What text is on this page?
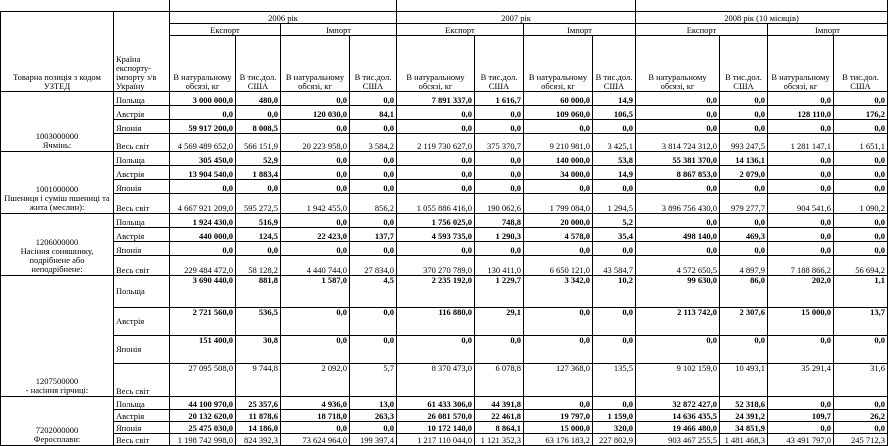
Товарна позиція з кодом УЗТЕД	Країна експорту-імпорту з/в Україну	2006 рік				2007 рік				2008 рік (10 місяців)			
		Експорт		Імпорт		Експорт		Імпорт		Експорт		Імпорт	
		В натуральному обсязі, кг	В тис.дол. США	В натуральному обсязі, кг	В тис.дол. США	В натуральному обсязі, кг	В тис.дол. США	В натуральному обсязі, кг	В тис.дол. США	В натуральному обсязі, кг	В тис.дол. США	В натуральному обсязі, кг	В тис.дол. США

1003000000
Ячмінь:	Польща	3 000 000,0	480,0	0,0	0,0	7 891 337,0	1 616,7	60 000,0	14,9	0,0	0,0	0,0	0,0
	Австрія	0,0	0,0	120 030,0	84,1	0,0	0,0	109 060,0	106,5	0,0	0,0	128 110,0	176,2
	Японія	59 917 200,0	8 008,5	0,0	0,0	0,0	0,0	0,0	0,0	0,0	0,0	0,0	0,0
	Весь світ	4 569 489 652,0	566 151,9	20 223 958,0	3 584,2	2 119 730 627,0	375 370,7	9 210 981,0	3 425,1	3 814 724 312,0	993 247,5	1 281 147,1	1 651,1

1001000000
Пшениця і суміш пшениці та жита (меслин):	Польща	305 450,0	52,9	0,0	0,0	0,0	0,0	140 000,0	53,8	55 381 370,0	14 136,1	0,0	0,0
	Австрія	13 904 540,0	1 883,4	0,0	0,0	0,0	0,0	34 000,0	14,9	8 867 853,0	2 079,0	0,0	0,0
	Японія	0,0	0,0	0,0	0,0	0,0	0,0	0,0	0,0	0,0	0,0	0,0	0,0
	Весь світ	4 667 921 209,0	595 272,5	1 942 455,0	856,2	1 055 886 416,0	190 062,6	1 799 084,0	1 294,5	3 896 756 430,0	979 277,7	904 541,6	1 090,2

1206000000
Насіння соняшнику, подрібнене або неподрібнене:	Польща	1 924 430,0	516,9	0,0	0,0	1 756 025,0	748,8	20 000,0	5,2	0,0	0,0	0,0	0,0
	Австрія	440 000,0	124,5	22 423,0	137,7	4 593 735,0	1 290,3	4 578,0	35,4	498 140,0	469,3	0,0	0,0
	Японія	0,0	0,0	0,0	0,0	0,0	0,0	0,0	0,0	0,0	0,0	0,0	0,0
	Весь світ	229 484 472,0	58 128,2	4 440 744,0	27 834,0	370 270 789,0	130 411,0	6 650 121,0	43 584,7	4 572 650,5	4 897,9	7 188 866,2	56 694,2

1207500000
- насіння гірчиці:	Польща	3 690 440,0	881,8	1 587,0	4,5	2 235 192,0	1 229,7	3 342,0	10,2	99 630,0	86,0	202,0	1,1
	Австрія	2 721 560,0	536,5	0,0	0,0	116 880,0	29,1	0,0	0,0	2 113 742,0	2 307,6	15 000,0	13,7
	Японія	151 400,0	30,8	0,0	0,0	0,0	0,0	0,0	0,0	0,0	0,0	0,0	0,0
	Весь світ	27 095 508,0	9 744,8	2 092,0	5,7	8 370 473,0	6 078,8	127 368,0	135,5	9 102 159,0	10 493,1	35 291,4	31,6

7202000000
Феросплави:	Польща	44 100 970,0	25 357,6	4 936,0	13,0	61 433 306,0	44 391,8	0,0	0,0	32 872 427,0	52 318,6	0,0	0,0
	Австрія	20 132 620,0	11 878,6	18 718,0	263,3	26 081 570,0	22 461,8	19 797,0	1 159,0	14 636 435,5	24 391,2	109,7	26,2
	Японія	25 475 030,0	14 186,0	0,0	0,0	10 172 140,0	8 864,1	15 000,0	320,0	19 466 480,0	34 851,9	0,0	0,0
	Весь світ	1 198 742 998,0	824 392,3	73 624 964,0	199 397,4	1 217 110 044,0	1 121 352,3	63 176 183,2	227 802,9	903 467 255,5	1 481 468,3	43 491 797,0	245 712,3
